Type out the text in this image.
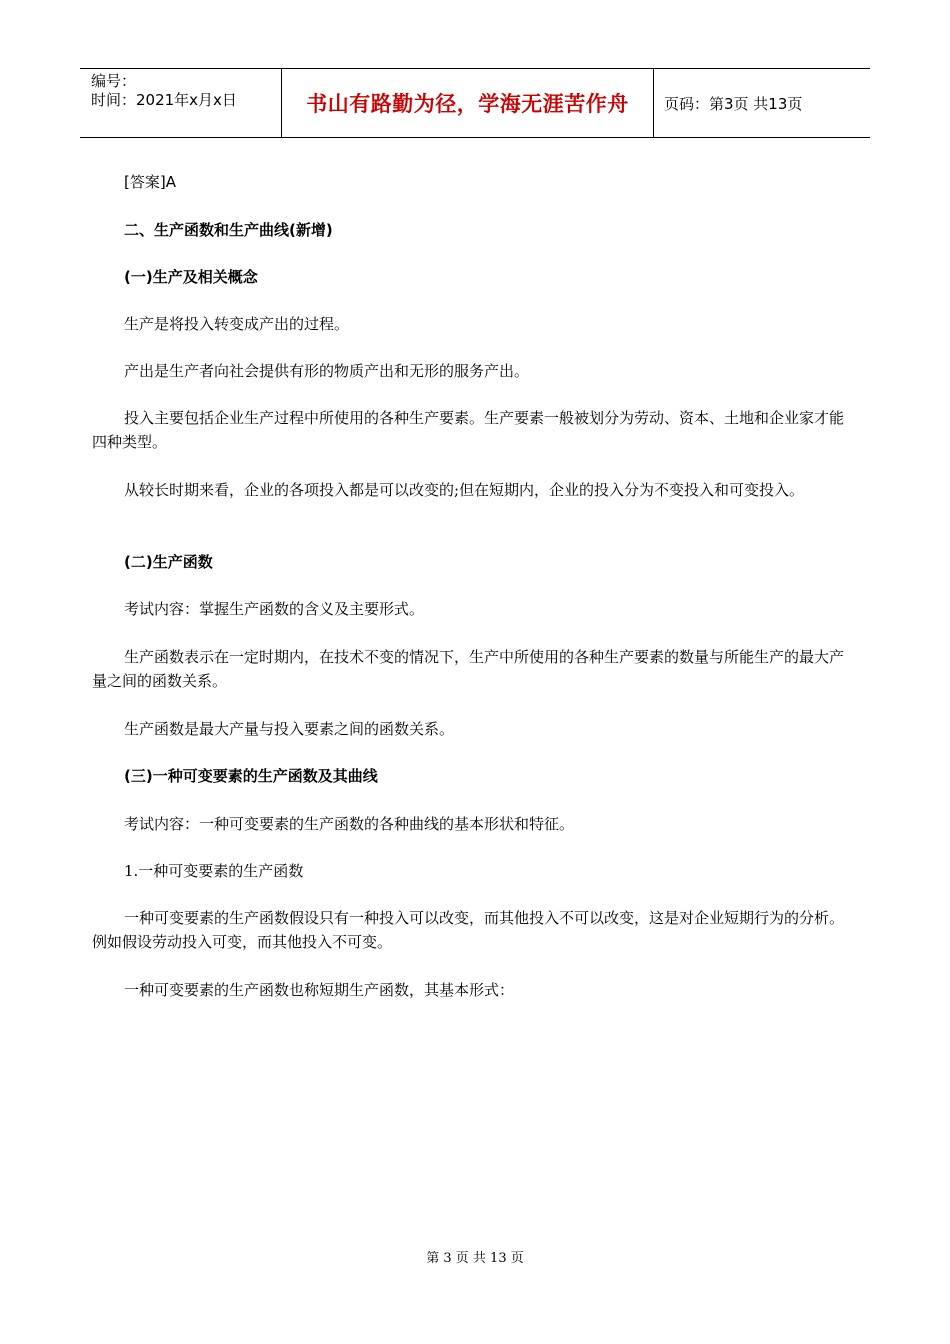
编号：
时间：2021年x月x日	书山有路勤为径，学海无涯苦作舟	页码：第3页 共13页

[答案]A

二、生产函数和生产曲线(新增)

(一)生产及相关概念

生产是将投入转变成产出的过程。

产出是生产者向社会提供有形的物质产出和无形的服务产出。

投入主要包括企业生产过程中所使用的各种生产要素。生产要素一般被划分为劳动、资本、土地和企业家才能四种类型。

从较长时期来看，企业的各项投入都是可以改变的;但在短期内，企业的投入分为不变投入和可变投入。

(二)生产函数

考试内容：掌握生产函数的含义及主要形式。

生产函数表示在一定时期内，在技术不变的情况下，生产中所使用的各种生产要素的数量与所能生产的最大产量之间的函数关系。

生产函数是最大产量与投入要素之间的函数关系。

(三)一种可变要素的生产函数及其曲线

考试内容：一种可变要素的生产函数的各种曲线的基本形状和特征。

1.一种可变要素的生产函数

一种可变要素的生产函数假设只有一种投入可以改变，而其他投入不可以改变，这是对企业短期行为的分析。例如假设劳动投入可变，而其他投入不可变。

一种可变要素的生产函数也称短期生产函数，其基本形式：

第 3 页 共 13 页
